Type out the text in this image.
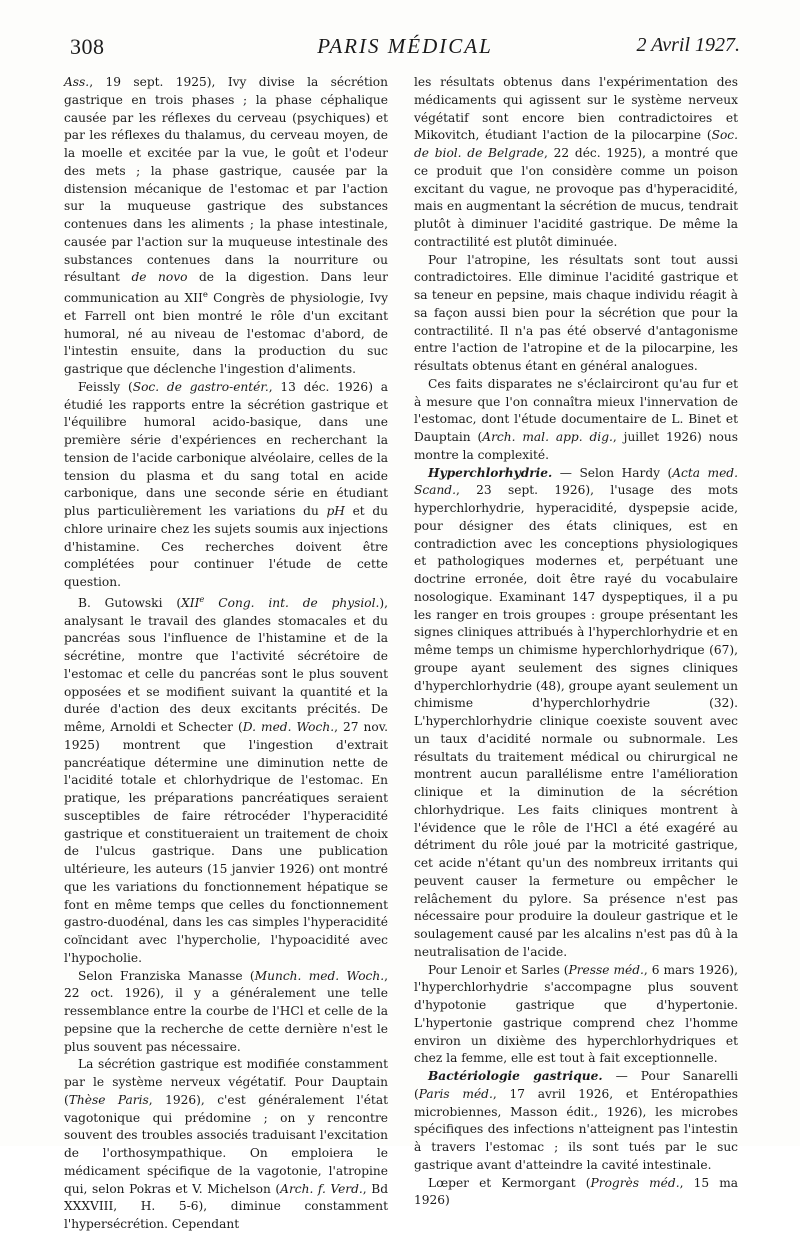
308	PARIS MÉDICAL	2 Avril 1927.

Ass., 19 sept. 1925), Ivy divise la sécrétion gastrique en trois phases ; la phase céphalique causée par les réflexes du cerveau (psychiques) et par les réflexes du thalamus, du cerveau moyen, de la moelle et excitée par la vue, le goût et l'odeur des mets ; la phase gastrique, causée par la distension mécanique de l'estomac et par l'action sur la muqueuse gastrique des substances contenues dans les aliments ; la phase intestinale, causée par l'action sur la muqueuse intestinale des substances contenues dans la nourriture ou résultant de novo de la digestion. Dans leur communication au XIIe Congrès de physiologie, Ivy et Farrell ont bien montré le rôle d'un excitant humoral, né au niveau de l'estomac d'abord, de l'intestin ensuite, dans la production du suc gastrique que déclenche l'ingestion d'aliments.

Feissly (Soc. de gastro-entér., 13 déc. 1926) a étudié les rapports entre la sécrétion gastrique et l'équilibre humoral acido-basique, dans une première série d'expériences en recherchant la tension de l'acide carbonique alvéolaire, celles de la tension du plasma et du sang total en acide carbonique, dans une seconde série en étudiant plus particulièrement les variations du pH et du chlore urinaire chez les sujets soumis aux injections d'histamine. Ces recherches doivent être complétées pour continuer l'étude de cette question.

B. Gutowski (XIIe Cong. int. de physiol.), analysant le travail des glandes stomacales et du pancréas sous l'influence de l'histamine et de la sécrétine, montre que l'activité sécrétoire de l'estomac et celle du pancréas sont le plus souvent opposées et se modifient suivant la quantité et la durée d'action des deux excitants précités. De même, Arnoldi et Schecter (D. med. Woch., 27 nov. 1925) montrent que l'ingestion d'extrait pancréatique détermine une diminution nette de l'acidité totale et chlorhydrique de l'estomac. En pratique, les préparations pancréatiques seraient susceptibles de faire rétrocéder l'hyperacidité gastrique et constitueraient un traitement de choix de l'ulcus gastrique. Dans une publication ultérieure, les auteurs (15 janvier 1926) ont montré que les variations du fonctionnement hépatique se font en même temps que celles du fonctionnement gastro-duodénal, dans les cas simples l'hyperacidité coïncidant avec l'hypercholie, l'hypoacidité avec l'hypocholie.

Selon Franziska Manasse (Munch. med. Woch., 22 oct. 1926), il y a généralement une telle ressemblance entre la courbe de l'HCl et celle de la pepsine que la recherche de cette dernière n'est le plus souvent pas nécessaire.

La sécrétion gastrique est modifiée constamment par le système nerveux végétatif. Pour Dauptain (Thèse Paris, 1926), c'est généralement l'état vagotonique qui prédomine ; on y rencontre souvent des troubles associés traduisant l'excitation de l'orthosympathique. On emploiera le médicament spécifique de la vagotonie, l'atropine qui, selon Pokras et V. Michelson (Arch. f. Verd., Bd XXXVIII, H. 5-6), diminue constamment l'hypersécrétion. Cependant

les résultats obtenus dans l'expérimentation des médicaments qui agissent sur le système nerveux végétatif sont encore bien contradictoires et Mikovitch, étudiant l'action de la pilocarpine (Soc. de biol. de Belgrade, 22 déc. 1925), a montré que ce produit que l'on considère comme un poison excitant du vague, ne provoque pas d'hyperacidité, mais en augmentant la sécrétion de mucus, tendrait plutôt à diminuer l'acidité gastrique. De même la contractilité est plutôt diminuée.

Pour l'atropine, les résultats sont tout aussi contradictoires. Elle diminue l'acidité gastrique et sa teneur en pepsine, mais chaque individu réagit à sa façon aussi bien pour la sécrétion que pour la contractilité. Il n'a pas été observé d'antagonisme entre l'action de l'atropine et de la pilocarpine, les résultats obtenus étant en général analogues.

Ces faits disparates ne s'éclairciront qu'au fur et à mesure que l'on connaîtra mieux l'innervation de l'estomac, dont l'étude documentaire de L. Binet et Dauptain (Arch. mal. app. dig., juillet 1926) nous montre la complexité.

Hyperchlorhydrie. — Selon Hardy (Acta med. Scand., 23 sept. 1926), l'usage des mots hyperchlorhydrie, hyperacidité, dyspepsie acide, pour désigner des états cliniques, est en contradiction avec les conceptions physiologiques et pathologiques modernes et, perpétuant une doctrine erronée, doit être rayé du vocabulaire nosologique. Examinant 147 dyspeptiques, il a pu les ranger en trois groupes : groupe présentant les signes cliniques attribués à l'hyperchlorhydrie et en même temps un chimisme hyperchlorhydrique (67), groupe ayant seulement des signes cliniques d'hyperchlorhydrie (48), groupe ayant seulement un chimisme d'hyperchlorhydrie (32). L'hyperchlorhydrie clinique coexiste souvent avec un taux d'acidité normale ou subnormale. Les résultats du traitement médical ou chirurgical ne montrent aucun parallélisme entre l'amélioration clinique et la diminution de la sécrétion chlorhydrique. Les faits cliniques montrent à l'évidence que le rôle de l'HCl a été exagéré au détriment du rôle joué par la motricité gastrique, cet acide n'étant qu'un des nombreux irritants qui peuvent causer la fermeture ou empêcher le relâchement du pylore. Sa présence n'est pas nécessaire pour produire la douleur gastrique et le soulagement causé par les alcalins n'est pas dû à la neutralisation de l'acide.

Pour Lenoir et Sarles (Presse méd., 6 mars 1926), l'hyperchlorhydrie s'accompagne plus souvent d'hypotonie gastrique que d'hypertonie. L'hypertonie gastrique comprend chez l'homme environ un dixième des hyperchlorhydriques et chez la femme, elle est tout à fait exceptionnelle.

Bactériologie gastrique. — Pour Sanarelli (Paris méd., 17 avril 1926, et Entéropathies microbiennes, Masson édit., 1926), les microbes spécifiques des infections n'atteignent pas l'intestin à travers l'estomac ; ils sont tués par le suc gastrique avant d'atteindre la cavité intestinale.

Lœper et Kermorgant (Progrès méd., 15 ma 1926)
